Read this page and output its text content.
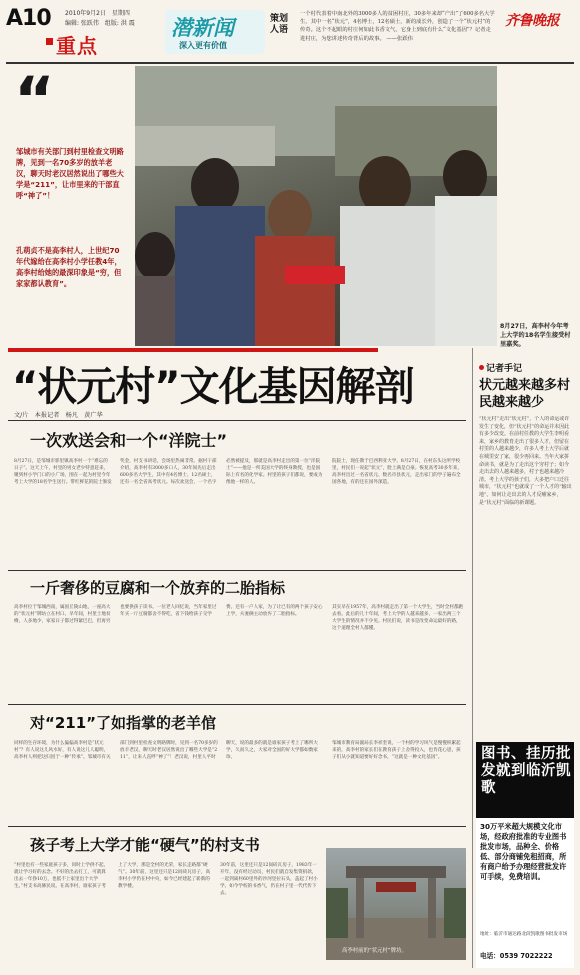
A10 2010年9月2日　星期四
编辑: 张跃伟　组版: 洪 震
重点
潜新闻
深入更有价值
策划人语
一个村代表着中南北外的3000多人的贫困村庄，30多年来却“产出”了600多名大学生，其中一名“状元”，4名博士，12名硕士，新的成长外，创造了一个“状元村”的传奇。这个不起眼的村庄何如此书香文气，它身上到底有什么“文化基因”？记者走进村庄，为您讲述传奇背后的故事。 ——张跃伟
齐鲁晚报
“
邹城市有关部门到村里检查文明路牌，见到一名70多岁的放羊老汉，聊天时老汉居然说出了哪些大学是“211”，让市里来的干部直呼“神了”！
孔萌贞不是高李村人，上世纪70年代嫁给在高李村小学任教4年，高李村给她的最深印象是“穷，但家家都认教育”。
8月27日，高李村今年考上大学的18名学生接受村里嘉奖。
“状元村”文化基因解剖
文/片　本报记者　杨凡　黄广华
一次欢送会和一个“洋院士”
8月27日，是邹城市郭里镇高李村一个“难忘的日子”。这天上午，村里的男女老少特意赶来，聚到村小学门口的小广场，围在一起为村里今年考上大学的18名学生送行。带红鲜花的院士颁发奖金，村支书讲话，会场里热闹非常。据村干部介绍，高李村有3000多口人，30年间先后走出600多名大学生，其中有4名博士、12名硕士，还有一名全省高考状元。每次欢送会，一个名字必然被提及，那就是高李村走出的第一位“洋院士”——他是一所美国大学的终身教授，也是国际上有名的化学家。村里的孩子们都说，要成为像他一样的人。
院院士，现任教于巴西利亚大学。8月27日，在村东头这所学校里，村民们一说起“状元”，脸上满是自豪。恢复高考30多年来，高李村出过一名省状元、数名市县状元，走出家门的学子遍布全国各地，有的还在国外深造。
一斤奢侈的豆腐和一个放弃的二胎指标
高李村位于邹城西南，属国丘陵山地，一座高大的“状元村”牌坊立在村口。早年间，村里土地贫瘠，人多地少，家家日子都过得紧巴巴，但再穷也要供孩子读书。一位老人回忆说，当年家里过年买一斤豆腐都舍不得吃，省下钱给孩子交学费。还有一户人家，为了让已有的两个孩子安心上学，夫妻俩主动放弃了二胎指标。
其实早在1957年，高李村就走出了第一个大学生，当时全村都跑去看。此后的几十年间，考上大学的人越来越多，一家出两三个大学生的情况并不少见。村民们说，读书是改变命运最好的路，这个道理全村人都懂。
对“211”了如指掌的老羊倌
同样的生存环境，为什么偏偏高李村是“状元村”？有人说这儿风水好，有人说这儿人聪明，高李村人则把这归因于一种“传承”。邹城市有关部门到村里检查文明路牌时，见到一名70多岁的放羊老汉，聊天时老汉居然说出了哪些大学是“211”，让来人直呼“神了”！老汉说，村里人平时聊天，说的最多的就是谁家孩子考上了哪所大学，久而久之，大家对全国的好大学都如数家珍。
邹城市教育局副局长李祥奎说，一个村的学习风气是慢慢积累起来的，高李村的家长们在教育孩子上舍得投入，也肯花心思，孩子们从小就知道要好好念书，“这就是一种文化基因”。
孩子考上大学才能“硬气”的村支书
“村里也有一些家庭孩子多，同时上学供不起，就让学习好的去念。不好的出去打工，可就算出去一年挣10万，也抵不上家里出个大学生。”村支书高修民说。在高李村，谁家孩子考上了大学，那是全村的光荣，家长走路都“硬气”。30年前，这里还只是12间砖瓦房子，高李村小学仍在村中央，如今已经建起了崭新的教学楼。
30年前，这里还只是12间砖瓦房子，1983年一开年，没有经过动员，村民们就自发集资捐款，一起到离村60里外的沙河里拉石头，盖起了村小学。如今学校的书香气，仍在村子里一代代传下去。
高李村前的“状元村”牌坊。
记者手记
状元越来越多村民越来越少
“状元村”走出“状元村”，个人的命运或许发生了变化，但“状元村”的命运并未因此有多少改变。在前村任教的大学生李明看来，家乡的教育走出了很多人才，但留在村里的人越来越少，许多人考上大学后就在城里安了家，很少再回来。当年大家拼命读书，就是为了走出这个穷村子；如今走出去的人越来越多，村子也越来越冷清。考上大学的孩子们，大多把户口迁往城市，“状元村”也就成了一个人才的“输出地”。如何让走出去的人才反哺家乡，是“状元村”面临的新课题。
图书、挂历批发就到临沂凯歌
30万平米超大规模文化市场，经政府批准的专业图书批发市场，品种全、价格低、部分商铺免租招商，所有商户给予办理经营批发许可手续，免费培训。
地址：临沂市通达路北段凯歌图书批发市场
电话：0539 7022222
